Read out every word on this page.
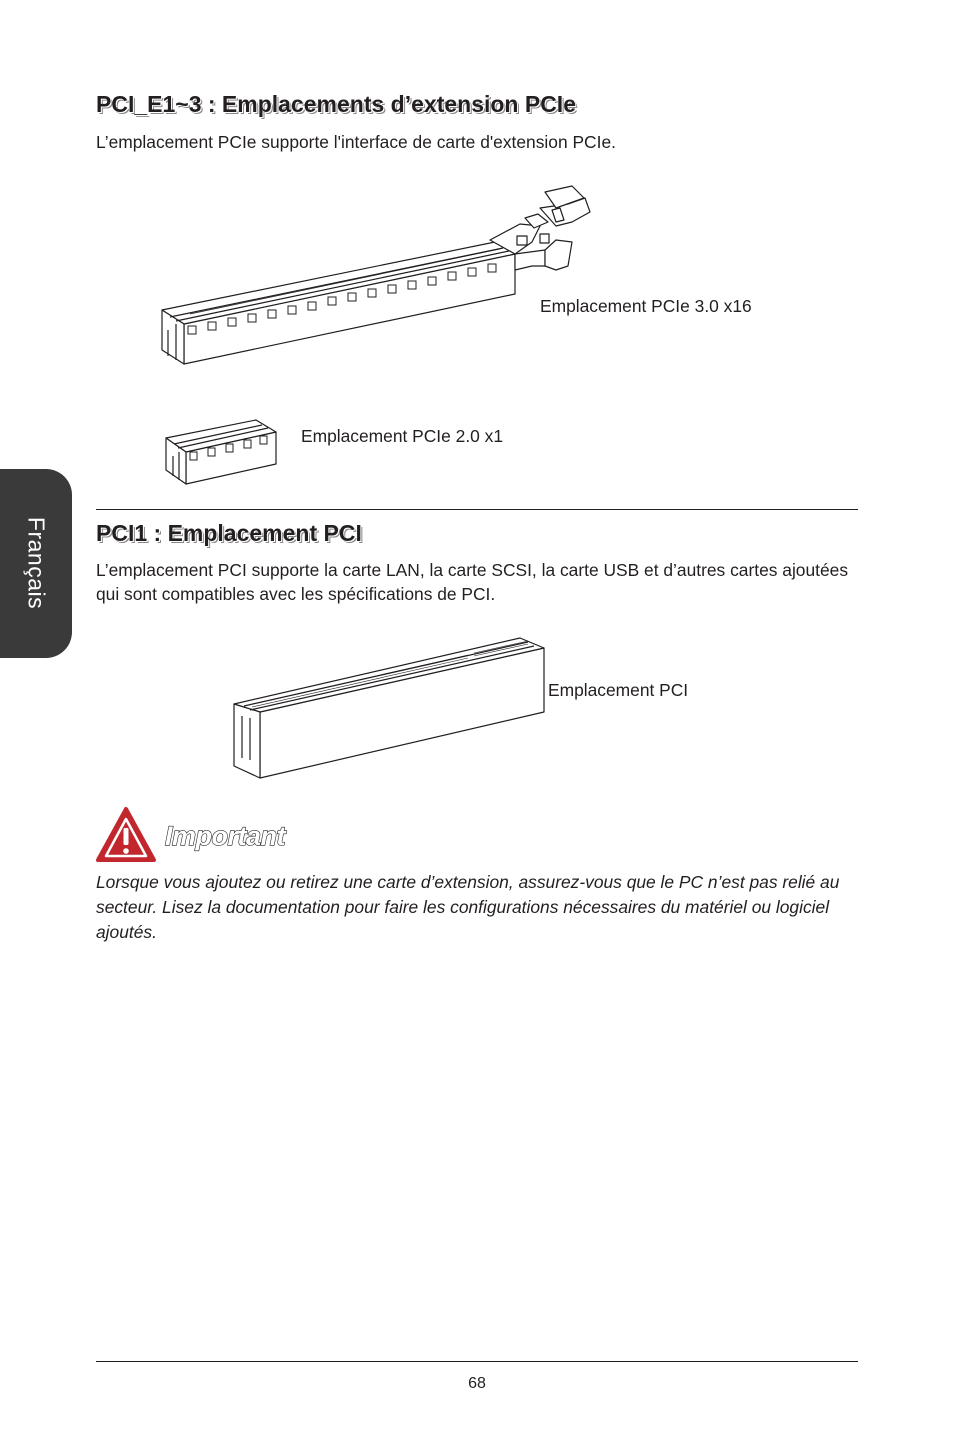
Français
PCI_E1~3 : Emplacements d’extension PCIe
L’emplacement PCIe supporte l'interface de carte d'extension PCIe.
Emplacement PCIe 3.0 x16
Emplacement PCIe 2.0 x1
PCI1 : Emplacement PCI
L’emplacement PCI supporte la carte LAN, la carte SCSI, la carte USB et d’autres cartes ajoutées qui sont compatibles avec les spécifications de PCI.
Emplacement PCI
Important
Lorsque vous ajoutez ou retirez une carte d’extension, assurez-vous que le PC n’est pas relié au secteur. Lisez la documentation pour faire les configurations nécessaires du matériel ou logiciel ajoutés.
68
